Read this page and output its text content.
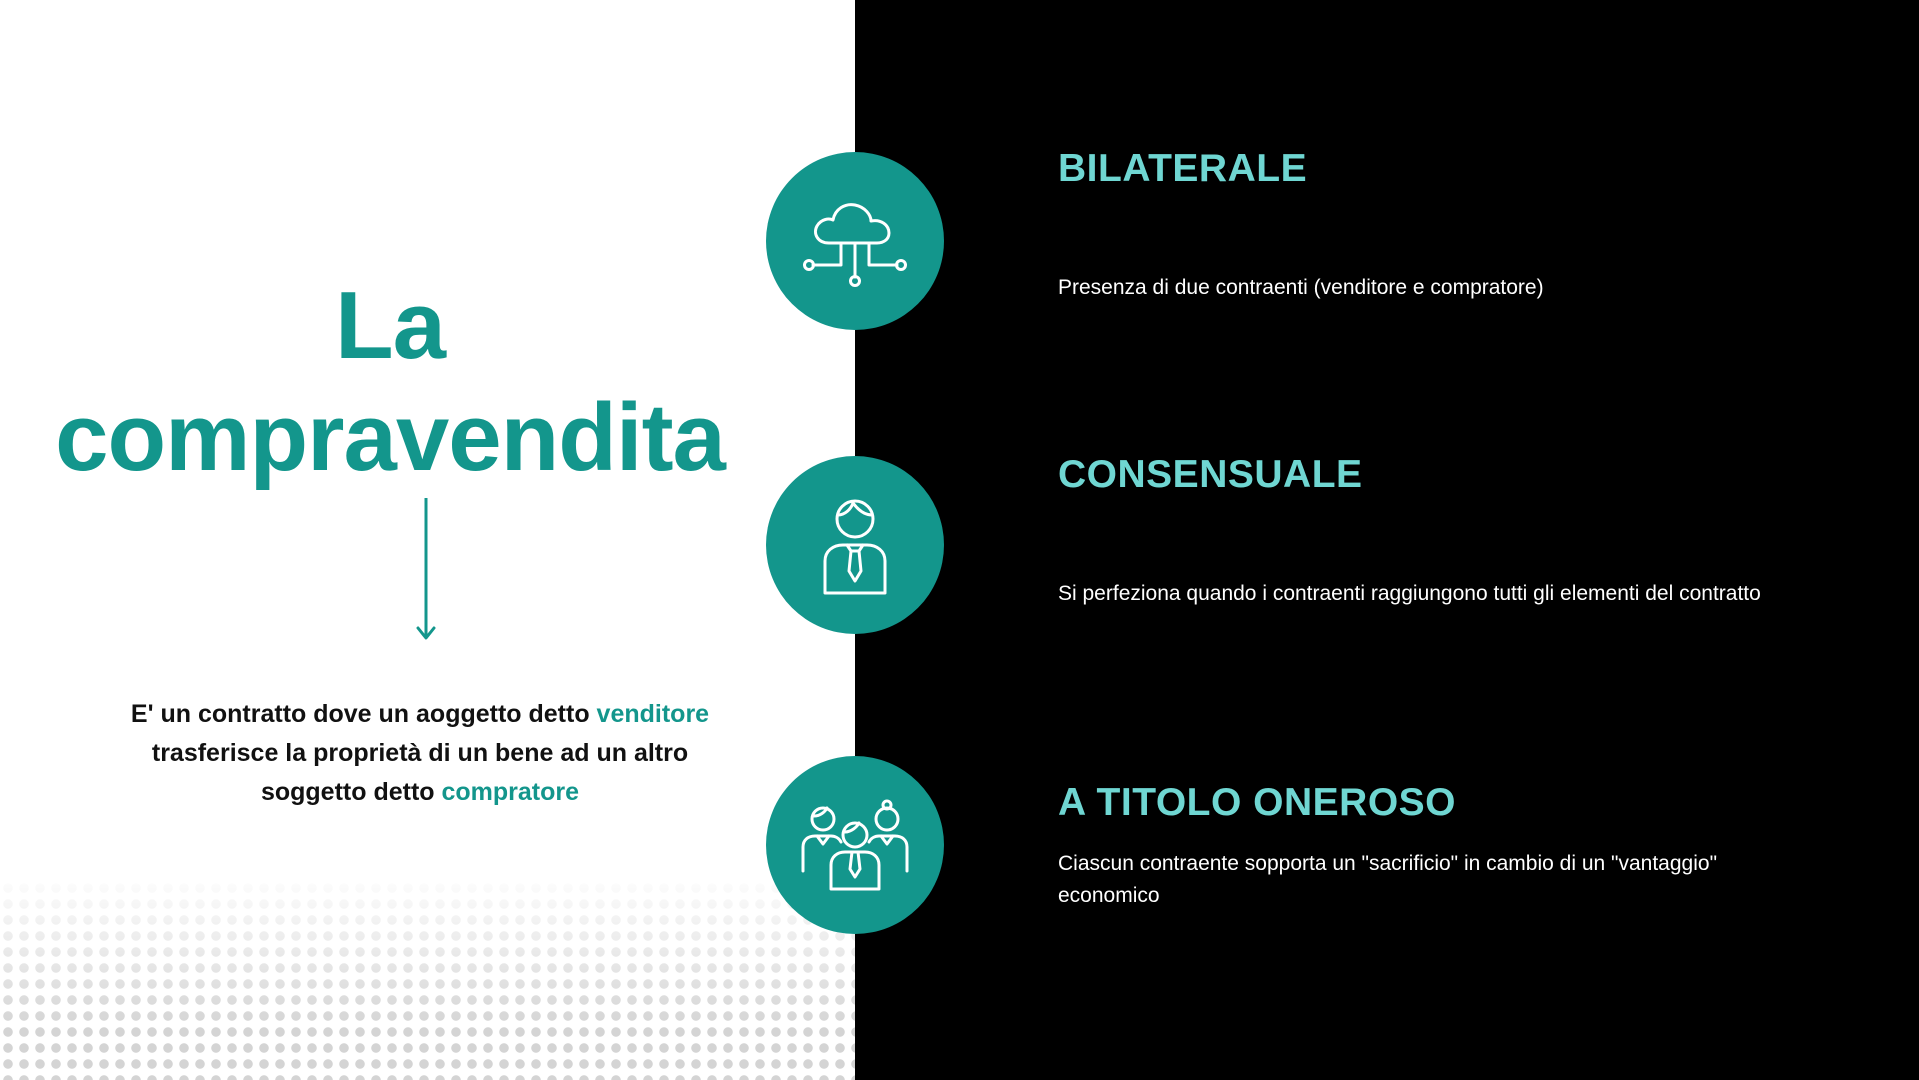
La
compravendita

E' un contratto dove un aoggetto detto venditore trasferisce la proprietà di un bene ad un altro soggetto detto compratore

BILATERALE

Presenza di due contraenti (venditore e compratore)

CONSENSUALE

Si perfeziona quando i contraenti raggiungono tutti gli elementi del contratto

A TITOLO ONEROSO

Ciascun contraente sopporta un "sacrificio" in cambio di un "vantaggio" economico
